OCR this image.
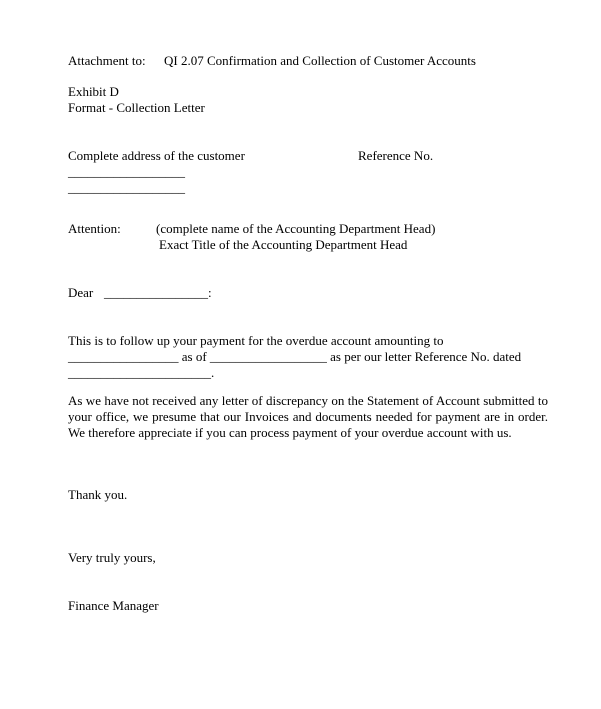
Attachment to: QI 2.07 Confirmation and Collection of Customer Accounts
Exhibit D
Format - Collection Letter
Complete address of the customer	Reference No.
__________________
__________________
Attention:	(complete name of the Accounting Department Head)
Exact Title of the Accounting Department Head
Dear ________________:
This is to follow up your payment for the overdue account amounting to
_________________ as of __________________ as per our letter Reference No. dated
______________________.
As we have not received any letter of discrepancy on the Statement of Account submitted to your office, we presume that our Invoices and documents needed for payment are in order. We therefore appreciate if you can process payment of your overdue account with us.
Thank you.
Very truly yours,
Finance Manager
